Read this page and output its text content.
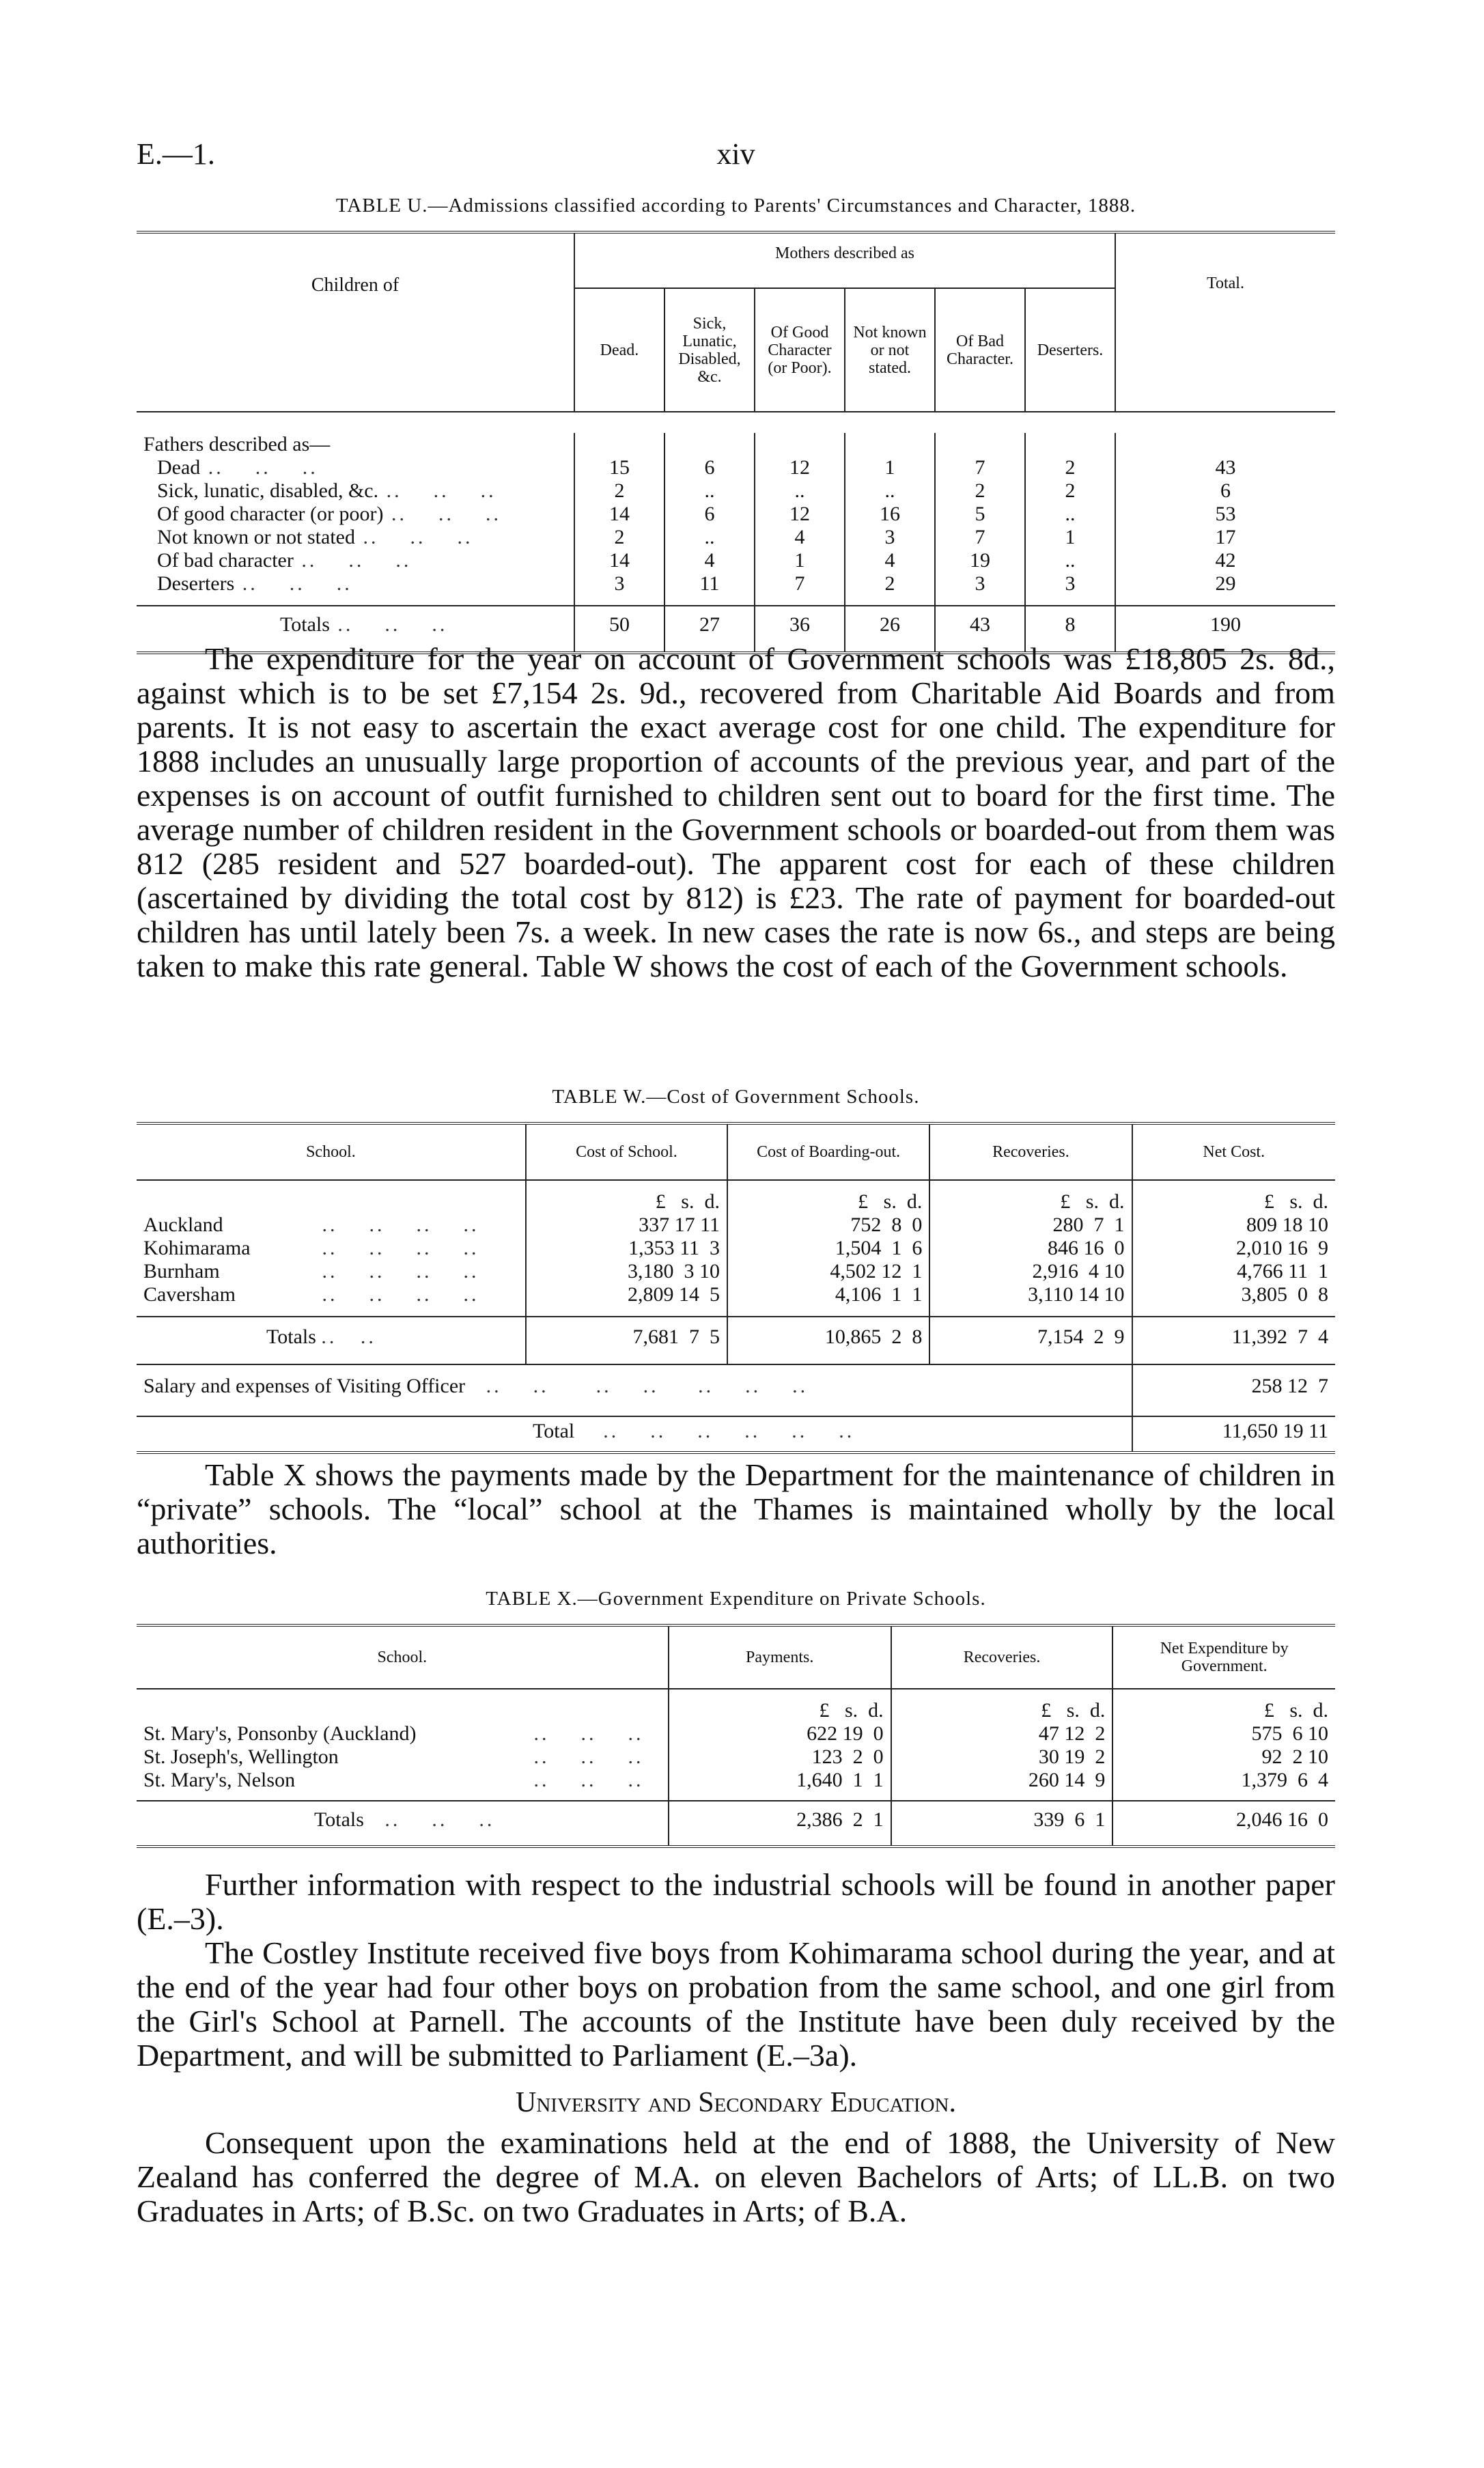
E.—1.	xiv
TABLE U.—Admissions classified according to Parents' Circumstances and Character, 1888.
Children of	Mothers described as						Total.
	Dead.	Sick, Lunatic, Disabled, &c.	Of Good Character (or Poor).	Not known or not stated.	Of Bad Character.	Deserters.	

Fathers described as—							
Dead ..    ..    ..	15	6	12	1	7	2	43
Sick, lunatic, disabled, &c. ..    ..    ..	2	..	..	..	2	2	6
Of good character (or poor) ..    ..    ..	14	6	12	16	5	..	53
Not known or not stated ..    ..    ..	2	..	4	3	7	1	17
Of bad character ..    ..    ..	14	4	1	4	19	..	42
Deserters ..    ..    ..	3	11	7	2	3	3	29

Totals ..    ..    ..	50	27	36	26	43	8	190

The expenditure for the year on account of Government schools was £18,805 2s. 8d., against which is to be set £7,154 2s. 9d., recovered from Charitable Aid Boards and from parents. It is not easy to ascertain the exact average cost for one child. The expenditure for 1888 includes an unusually large proportion of accounts of the previous year, and part of the expenses is on account of outfit furnished to children sent out to board for the first time. The average number of children resident in the Government schools or boarded-out from them was 812 (285 resident and 527 boarded-out). The apparent cost for each of these children (ascertained by dividing the total cost by 812) is £23. The rate of payment for boarded-out children has until lately been 7s. a week. In new cases the rate is now 6s., and steps are being taken to make this rate general. Table W shows the cost of each of the Government schools.

TABLE W.—Cost of Government Schools.
School.	Cost of School.	Cost of Boarding-out.	Recoveries.	Net Cost.
	£   s.  d.	£   s.  d.	£   s.  d.	£   s.  d.
Auckland ..    ..    ..    ..	337 17 11	752  8  0	280  7  1	809 18 10
Kohimarama ..    ..    ..    ..	1,353 11  3	1,504  1  6	846 16  0	2,010 16  9
Burnham ..    ..    ..    ..	3,180  3 10	4,502 12  1	2,916  4 10	4,766 11  1
Caversham ..    ..    ..    ..	2,809 14  5	4,106  1  1	3,110 14 10	3,805  0  8

Totals ..   ..	7,681  7  5	10,865  2  8	7,154  2  9	11,392  7  4
Salary and expenses of Visiting Officer   ..    ..      ..    ..     ..    ..    ..				258 12  7
Total    ..    ..    ..    ..    ..    ..				11,650 19 11

Table X shows the payments made by the Department for the maintenance of children in “private” schools. The “local” school at the Thames is maintained wholly by the local authorities.

TABLE X.—Government Expenditure on Private Schools.
School.	Payments.	Recoveries.	Net Expenditure by Government.
	£   s.  d.	£   s.  d.	£   s.  d.
St. Mary's, Ponsonby (Auckland) ..    ..    ..	622 19  0	47 12  2	575  6 10
St. Joseph's, Wellington ..    ..    ..	123  2  0	30 19  2	92  2 10
St. Mary's, Nelson ..    ..    ..	1,640  1  1	260 14  9	1,379  6  4

Totals   ..    ..    ..	2,386  2  1	339  6  1	2,046 16  0

Further information with respect to the industrial schools will be found in another paper (E.–3).

The Costley Institute received five boys from Kohimarama school during the year, and at the end of the year had four other boys on probation from the same school, and one girl from the Girl's School at Parnell. The accounts of the Institute have been duly received by the Department, and will be submitted to Parliament (E.–3a).

University and Secondary Education.

Consequent upon the examinations held at the end of 1888, the University of New Zealand has conferred the degree of M.A. on eleven Bachelors of Arts; of LL.B. on two Graduates in Arts; of B.Sc. on two Graduates in Arts; of B.A.
